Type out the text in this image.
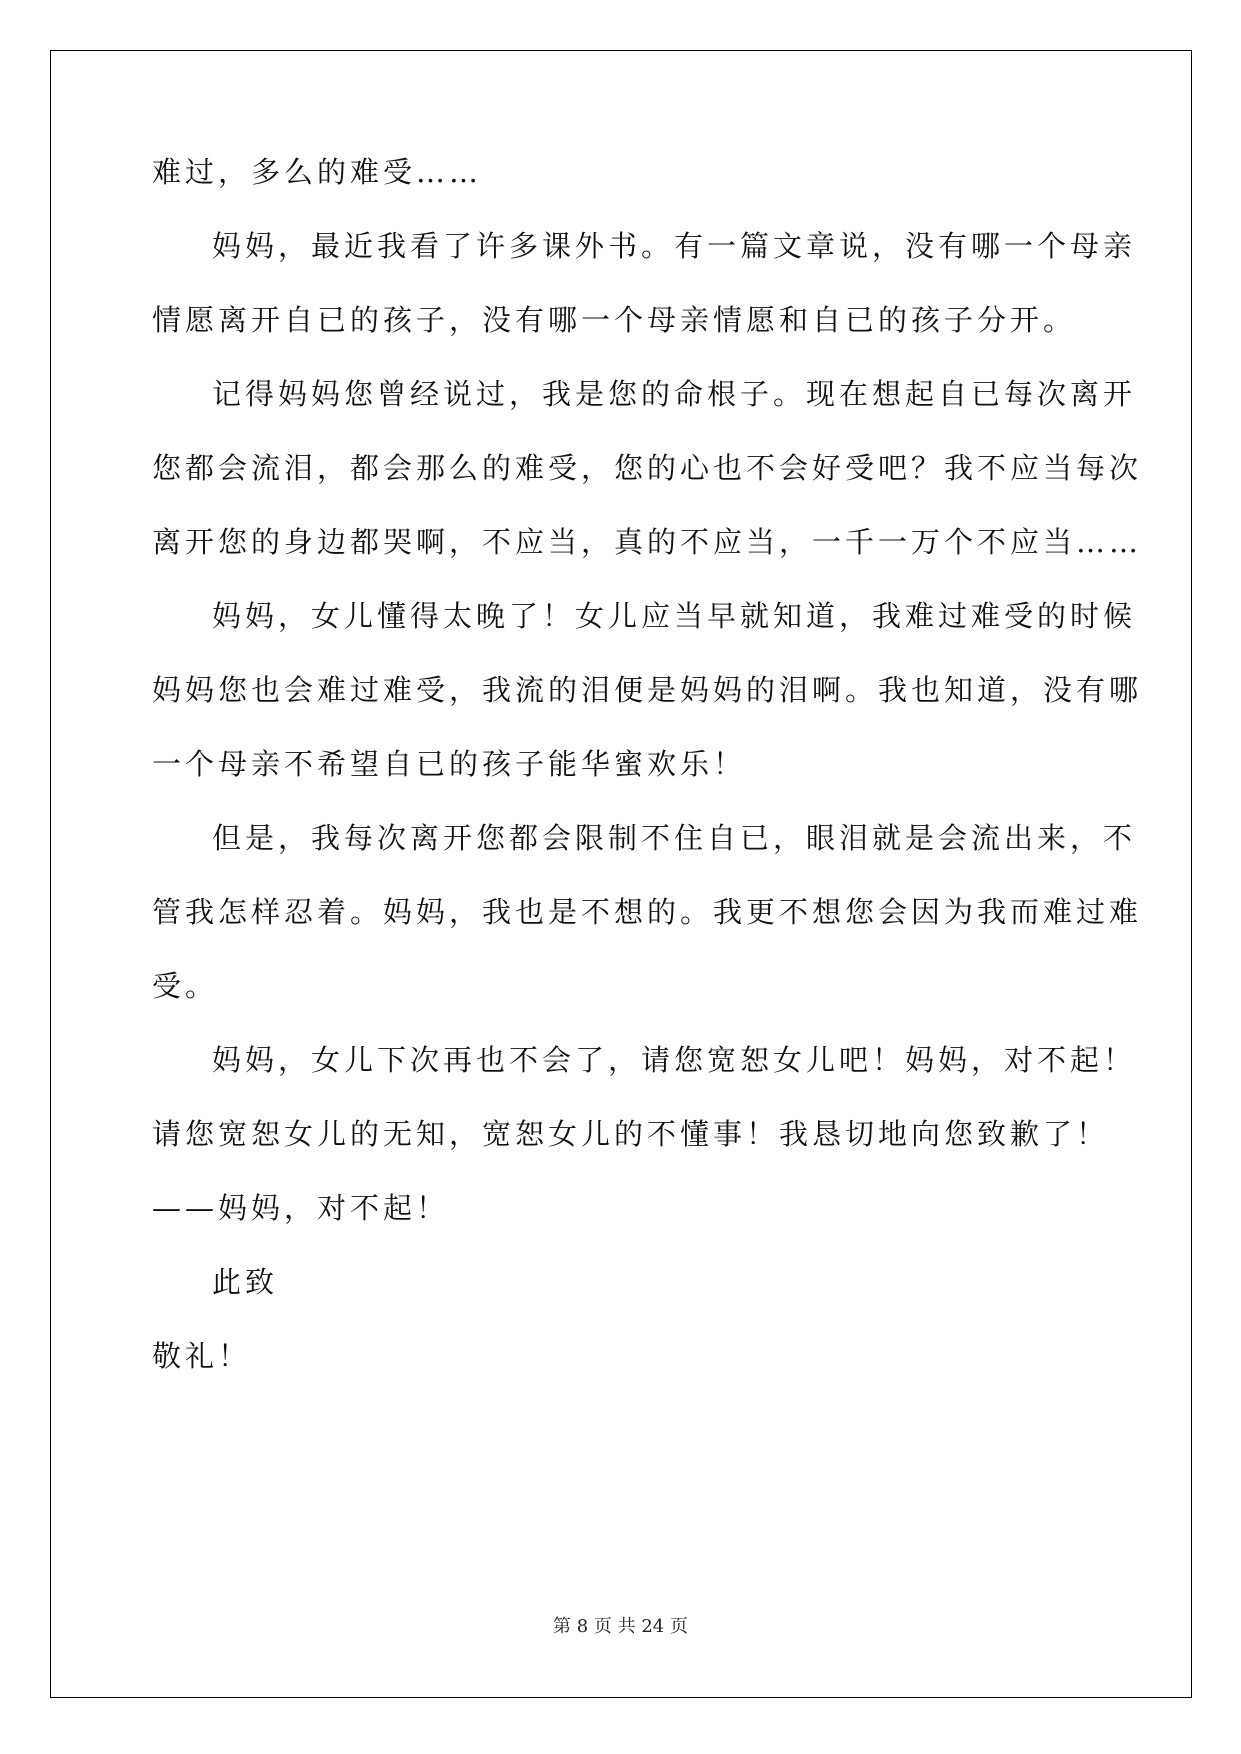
难过，多么的难受……
妈妈，最近我看了许多课外书。有一篇文章说，没有哪一个母亲
情愿离开自已的孩子，没有哪一个母亲情愿和自已的孩子分开。
记得妈妈您曾经说过，我是您的命根子。现在想起自已每次离开
您都会流泪，都会那么的难受，您的心也不会好受吧？我不应当每次
离开您的身边都哭啊，不应当，真的不应当，一千一万个不应当……
妈妈，女儿懂得太晚了！女儿应当早就知道，我难过难受的时候
妈妈您也会难过难受，我流的泪便是妈妈的泪啊。我也知道，没有哪
一个母亲不希望自已的孩子能华蜜欢乐！
但是，我每次离开您都会限制不住自已，眼泪就是会流出来，不
管我怎样忍着。妈妈，我也是不想的。我更不想您会因为我而难过难
受。
妈妈，女儿下次再也不会了，请您宽恕女儿吧！妈妈，对不起！
请您宽恕女儿的无知，宽恕女儿的不懂事！我恳切地向您致歉了！
——妈妈，对不起！
此致
敬礼！
第 8 页 共 24 页
